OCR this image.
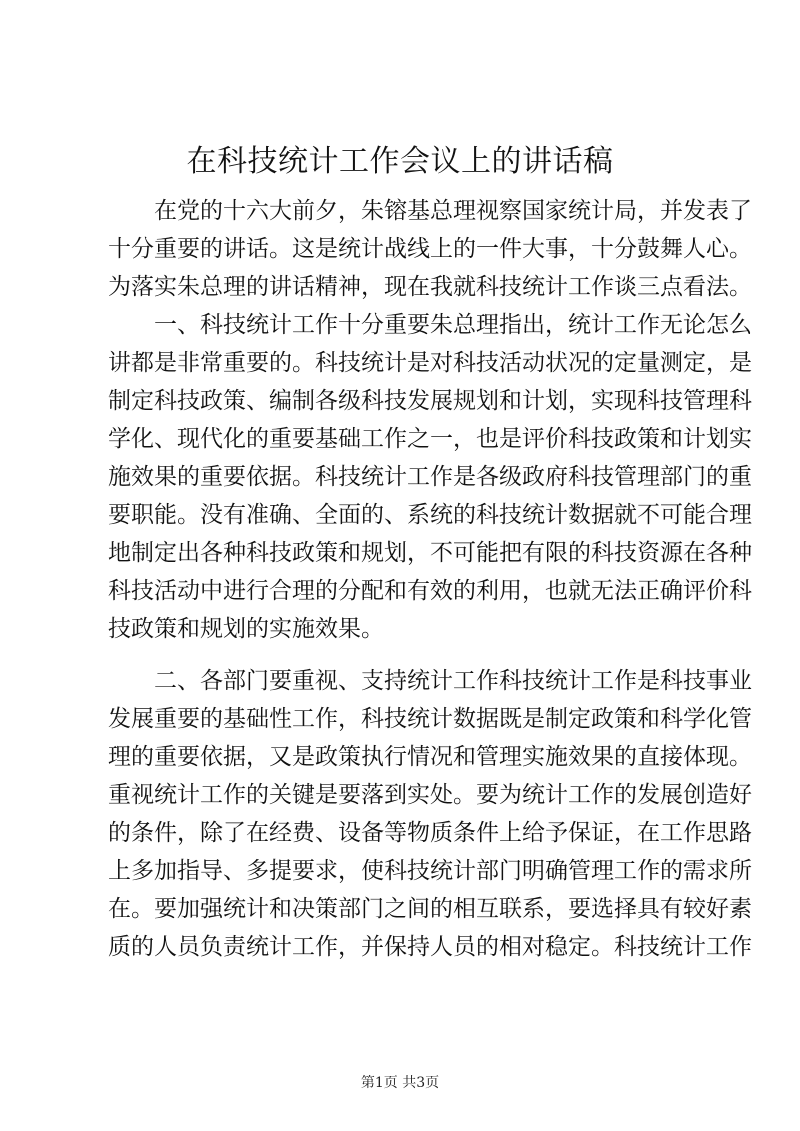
在科技统计工作会议上的讲话稿

在党的十六大前夕，朱镕基总理视察国家统计局，并发表了

十分重要的讲话。这是统计战线上的一件大事，十分鼓舞人心。

为落实朱总理的讲话精神，现在我就科技统计工作谈三点看法。

一、科技统计工作十分重要朱总理指出，统计工作无论怎么

讲都是非常重要的。科技统计是对科技活动状况的定量测定，是

制定科技政策、编制各级科技发展规划和计划，实现科技管理科

学化、现代化的重要基础工作之一，也是评价科技政策和计划实

施效果的重要依据。科技统计工作是各级政府科技管理部门的重

要职能。没有准确、全面的、系统的科技统计数据就不可能合理

地制定出各种科技政策和规划，不可能把有限的科技资源在各种

科技活动中进行合理的分配和有效的利用，也就无法正确评价科

技政策和规划的实施效果。

二、各部门要重视、支持统计工作科技统计工作是科技事业

发展重要的基础性工作，科技统计数据既是制定政策和科学化管

理的重要依据，又是政策执行情况和管理实施效果的直接体现。

重视统计工作的关键是要落到实处。要为统计工作的发展创造好

的条件，除了在经费、设备等物质条件上给予保证，在工作思路

上多加指导、多提要求，使科技统计部门明确管理工作的需求所

在。要加强统计和决策部门之间的相互联系，要选择具有较好素

质的人员负责统计工作，并保持人员的相对稳定。科技统计工作

第1页 共3页
